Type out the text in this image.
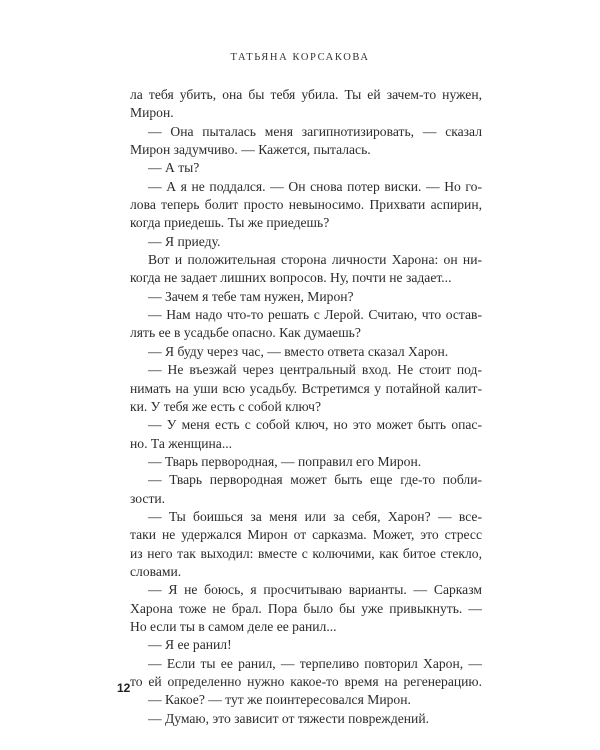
ТАТЬЯНА КОРСАКОВА
ла тебя убить, она бы тебя убила. Ты ей зачем-то нужен,
Мирон.
— Она пыталась меня загипнотизировать, — сказал
Мирон задумчиво. — Кажется, пыталась.
— А ты?
— А я не поддался. — Он снова потер виски. — Но го-
лова теперь болит просто невыносимо. Прихвати аспирин,
когда приедешь. Ты же приедешь?
— Я приеду.
Вот и положительная сторона личности Харона: он ни-
когда не задает лишних вопросов. Ну, почти не задает...
— Зачем я тебе там нужен, Мирон?
— Нам надо что-то решать с Лерой. Считаю, что остав-
лять ее в усадьбе опасно. Как думаешь?
— Я буду через час, — вместо ответа сказал Харон.
— Не въезжай через центральный вход. Не стоит под-
нимать на уши всю усадьбу. Встретимся у потайной калит-
ки. У тебя же есть с собой ключ?
— У меня есть с собой ключ, но это может быть опас-
но. Та женщина...
— Тварь первородная, — поправил его Мирон.
— Тварь первородная может быть еще где-то побли-
зости.
— Ты боишься за меня или за себя, Харон? — все-
таки не удержался Мирон от сарказма. Может, это стресс
из него так выходил: вместе с колючими, как битое стекло,
словами.
— Я не боюсь, я просчитываю варианты. — Сарказм
Харона тоже не брал. Пора было бы уже привыкнуть. —
Но если ты в самом деле ее ранил...
— Я ее ранил!
— Если ты ее ранил, — терпеливо повторил Харон, —
то ей определенно нужно какое-то время на регенерацию.
— Какое? — тут же поинтересовался Мирон.
— Думаю, это зависит от тяжести повреждений.
12
